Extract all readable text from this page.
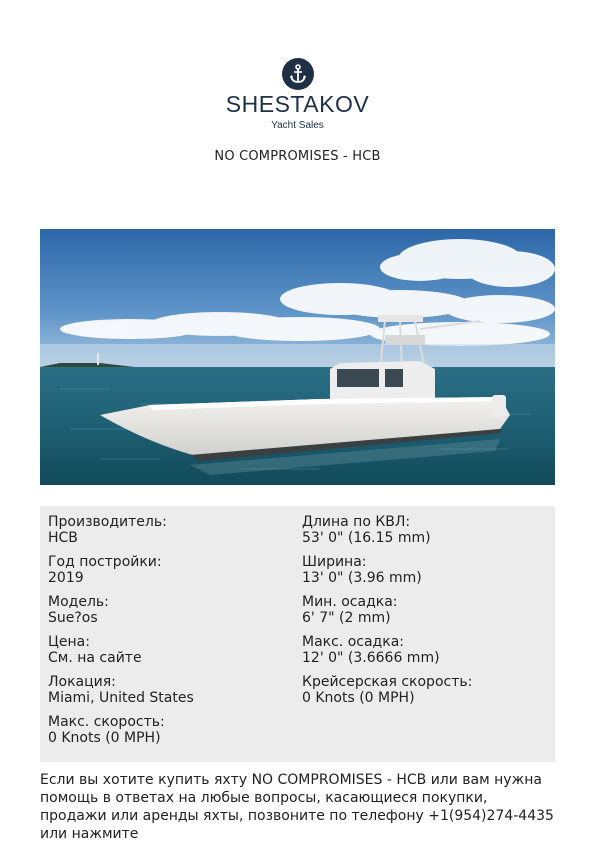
SHESTAKOV
Yacht Sales
NO COMPROMISES - HCB
Производитель:
HCB
Год постройки:
2019
Модель:
Sue?os
Цена:
См. на сайте
Локация:
Miami, United States
Макс. скорость:
0 Knots (0 MPH)
Длина по КВЛ:
53' 0" (16.15 mm)
Ширина:
13' 0" (3.96 mm)
Мин. осадка:
6' 7" (2 mm)
Макс. осадка:
12' 0" (3.6666 mm)
Крейсерская скорость:
0 Knots (0 MPH)
Если вы хотите купить яхту NO COMPROMISES - HCB или вам нужна помощь в ответах на любые вопросы, касающиеся покупки, продажи или аренды яхты, позвоните по телефону +1(954)274-4435 или нажмите
